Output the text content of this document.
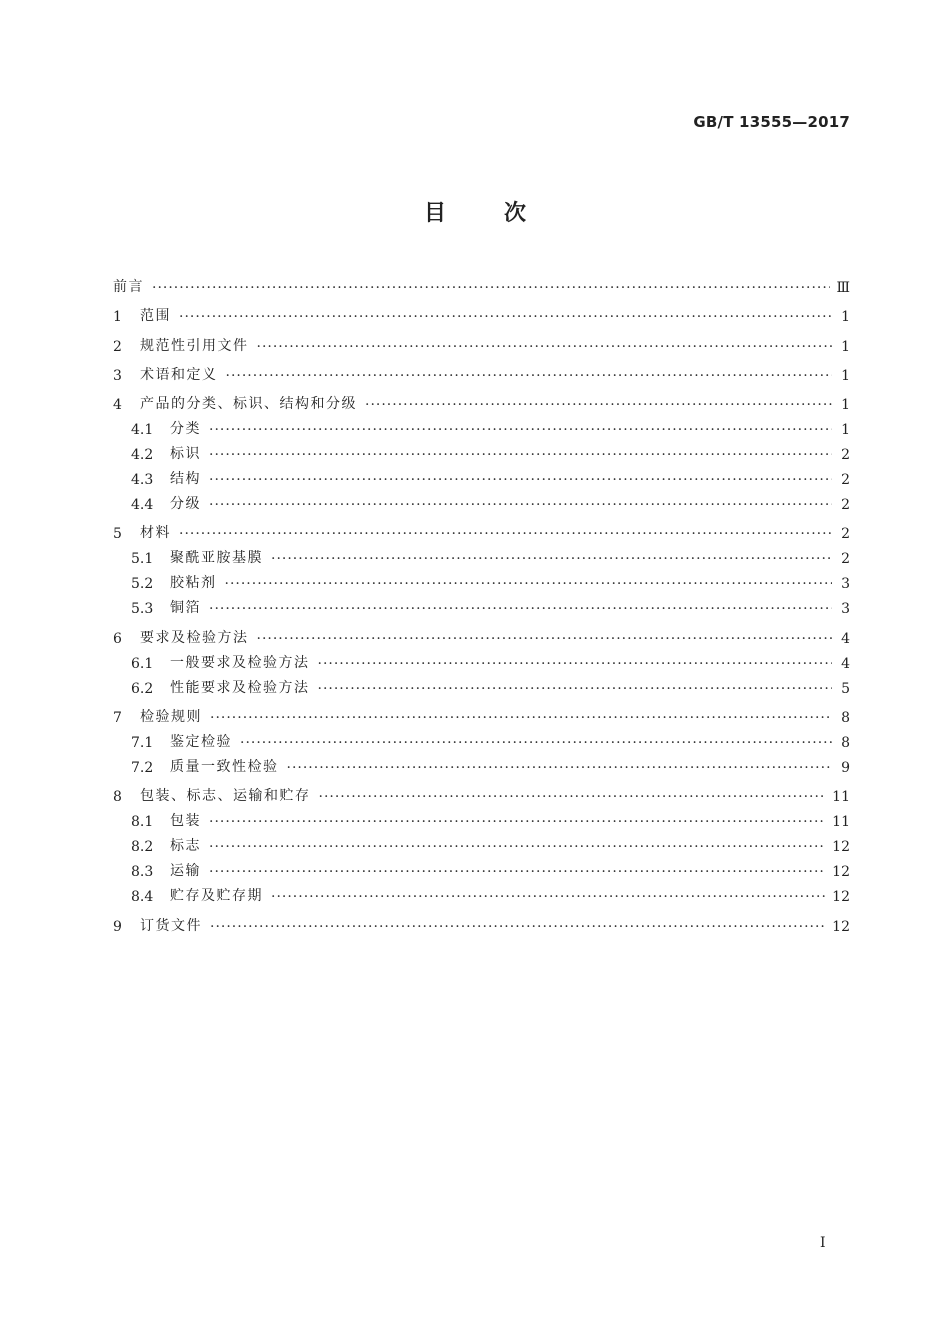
GB/T 13555—2017
目次
前言 ·····	Ⅲ
1	范围 ·····	1
2	规范性引用文件 ·····	1
3	术语和定义 ·····	1
4	产品的分类、标识、结构和分级 ·····	1
4.1	分类 ·····	1
4.2	标识 ·····	2
4.3	结构 ·····	2
4.4	分级 ·····	2
5	材料 ·····	2
5.1	聚酰亚胺基膜 ·····	2
5.2	胶粘剂 ·····	3
5.3	铜箔 ·····	3
6	要求及检验方法 ·····	4
6.1	一般要求及检验方法 ·····	4
6.2	性能要求及检验方法 ·····	5
7	检验规则 ·····	8
7.1	鉴定检验 ·····	8
7.2	质量一致性检验 ·····	9
8	包装、标志、运输和贮存 ·····	11
8.1	包装 ·····	11
8.2	标志 ·····	12
8.3	运输 ·····	12
8.4	贮存及贮存期 ·····	12
9	订货文件 ·····	12
Ⅰ
